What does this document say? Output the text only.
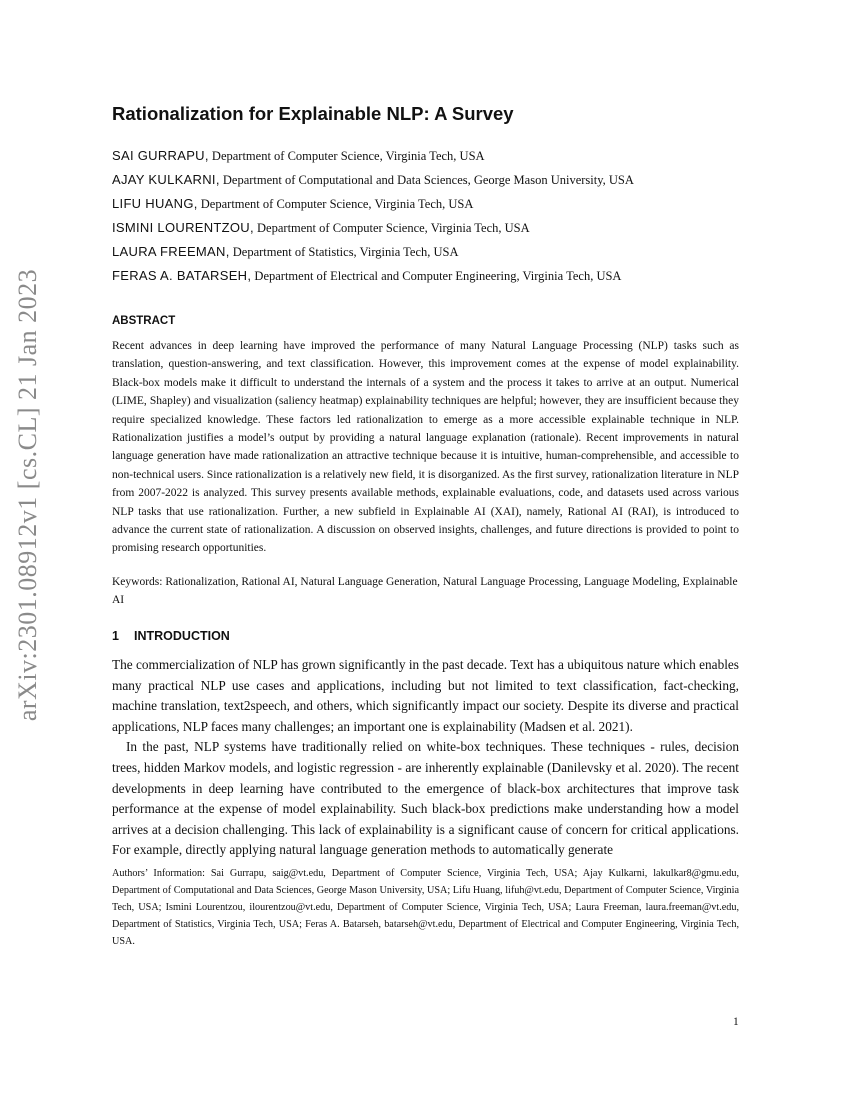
arXiv:2301.08912v1 [cs.CL] 21 Jan 2023
Rationalization for Explainable NLP: A Survey
SAI GURRAPU, Department of Computer Science, Virginia Tech, USA
AJAY KULKARNI, Department of Computational and Data Sciences, George Mason University, USA
LIFU HUANG, Department of Computer Science, Virginia Tech, USA
ISMINI LOURENTZOU, Department of Computer Science, Virginia Tech, USA
LAURA FREEMAN, Department of Statistics, Virginia Tech, USA
FERAS A. BATARSEH, Department of Electrical and Computer Engineering, Virginia Tech, USA
ABSTRACT
Recent advances in deep learning have improved the performance of many Natural Language Processing (NLP) tasks such as translation, question-answering, and text classification. However, this improvement comes at the expense of model explainability. Black-box models make it difficult to understand the internals of a system and the process it takes to arrive at an output. Numerical (LIME, Shapley) and visualization (saliency heatmap) explainability techniques are helpful; however, they are insufficient because they require specialized knowledge. These factors led rationalization to emerge as a more accessible explainable technique in NLP. Rationalization justifies a model’s output by providing a natural language explanation (rationale). Recent improvements in natural language generation have made rationalization an attractive technique because it is intuitive, human-comprehensible, and accessible to non-technical users. Since rationalization is a relatively new field, it is disorganized. As the first survey, rationalization literature in NLP from 2007-2022 is analyzed. This survey presents available methods, explainable evaluations, code, and datasets used across various NLP tasks that use rationalization. Further, a new subfield in Explainable AI (XAI), namely, Rational AI (RAI), is introduced to advance the current state of rationalization. A discussion on observed insights, challenges, and future directions is provided to point to promising research opportunities.
Keywords: Rationalization, Rational AI, Natural Language Generation, Natural Language Processing, Language Modeling, Explainable AI
1 INTRODUCTION

The commercialization of NLP has grown significantly in the past decade. Text has a ubiquitous nature which enables many practical NLP use cases and applications, including but not limited to text classification, fact-checking, machine translation, text2speech, and others, which significantly impact our society. Despite its diverse and practical applications, NLP faces many challenges; an important one is explainability (Madsen et al. 2021).

In the past, NLP systems have traditionally relied on white-box techniques. These techniques - rules, decision trees, hidden Markov models, and logistic regression - are inherently explainable (Danilevsky et al. 2020). The recent developments in deep learning have contributed to the emergence of black-box architectures that improve task performance at the expense of model explainability. Such black-box predictions make understanding how a model arrives at a decision challenging. This lack of explainability is a significant cause of concern for critical applications. For example, directly applying natural language generation methods to automatically generate

Authors’ Information: Sai Gurrapu, saig@vt.edu, Department of Computer Science, Virginia Tech, USA; Ajay Kulkarni, lakulkar8@gmu.edu, Department of Computational and Data Sciences, George Mason University, USA; Lifu Huang, lifuh@vt.edu, Department of Computer Science, Virginia Tech, USA; Ismini Lourentzou, ilourentzou@vt.edu, Department of Computer Science, Virginia Tech, USA; Laura Freeman, laura.freeman@vt.edu, Department of Statistics, Virginia Tech, USA; Feras A. Batarseh, batarseh@vt.edu, Department of Electrical and Computer Engineering, Virginia Tech, USA.
1
